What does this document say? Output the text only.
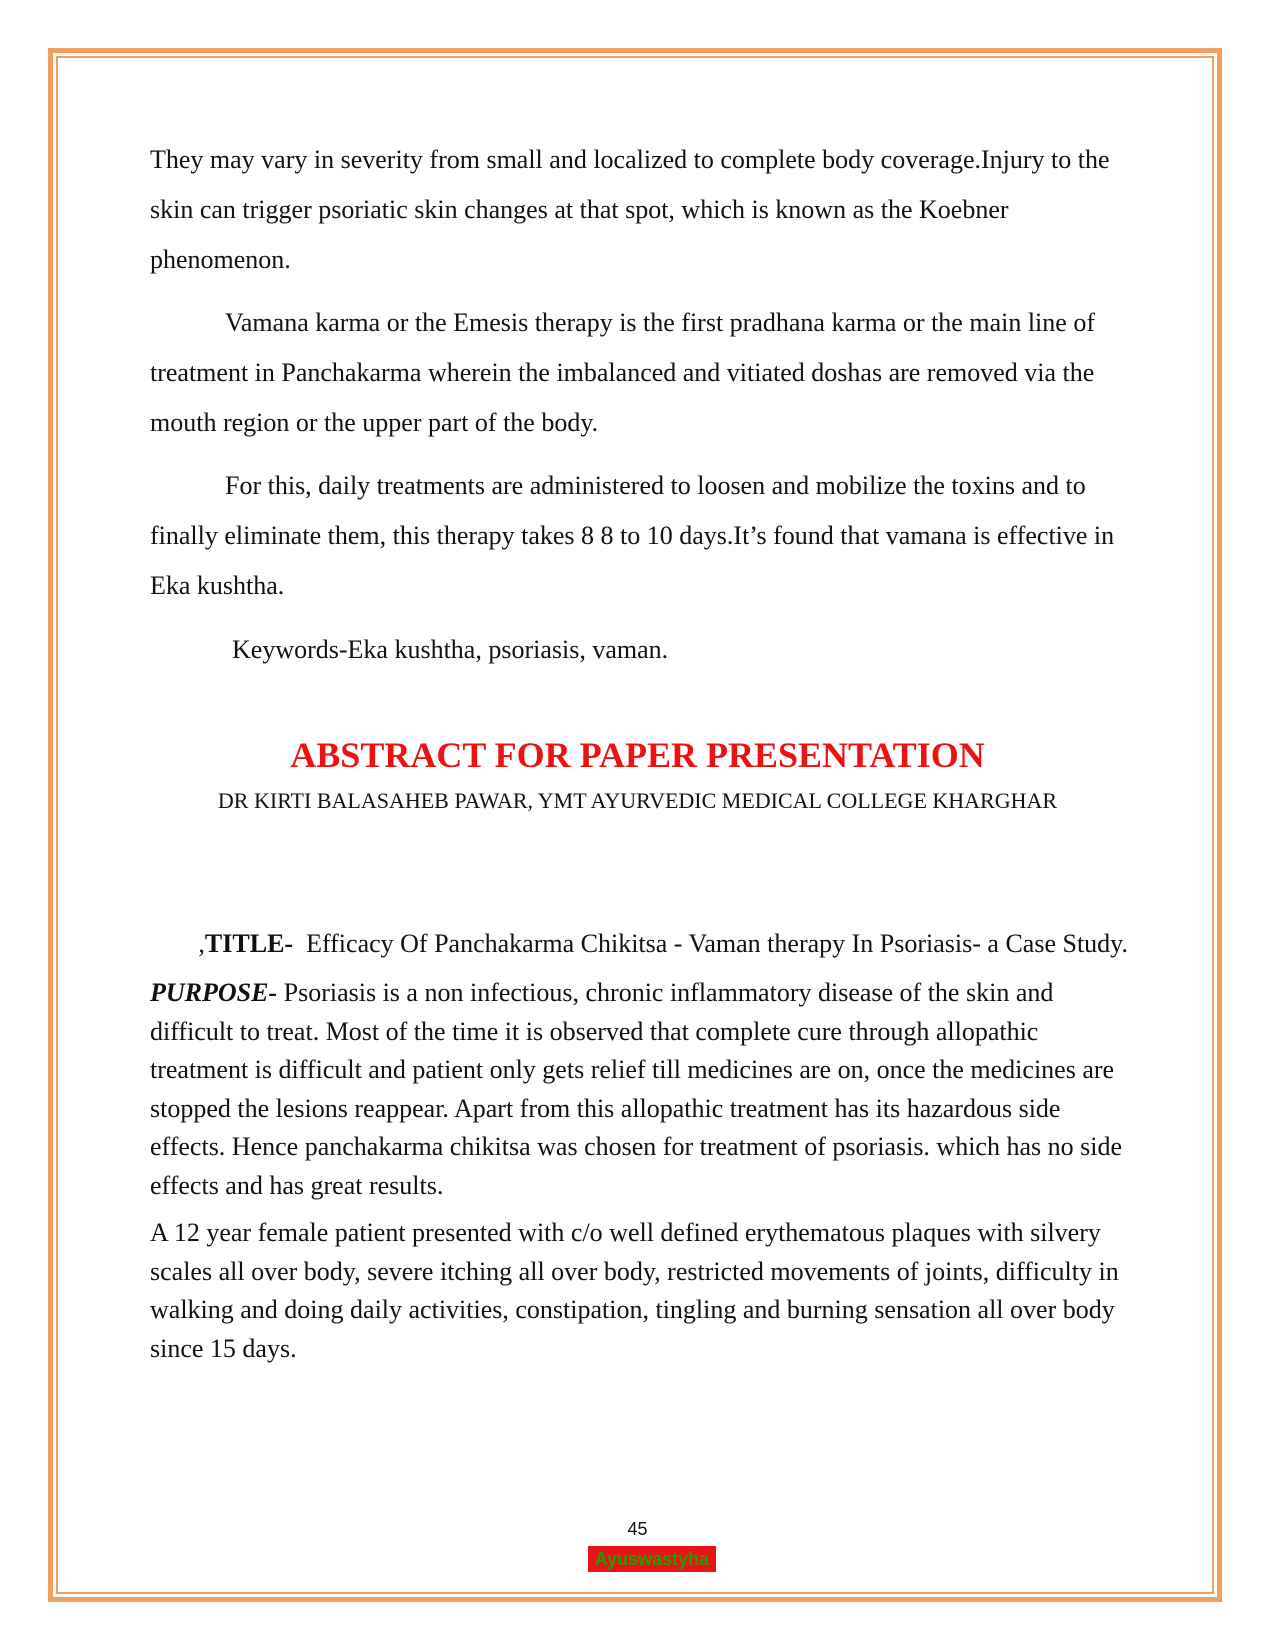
They may vary in severity from small and localized to complete body coverage.Injury to the skin can trigger psoriatic skin changes at that spot, which is known as the Koebner phenomenon.

Vamana karma or the Emesis therapy is the first pradhana karma or the main line of treatment in Panchakarma wherein the imbalanced and vitiated doshas are removed via the mouth region or the upper part of the body.

For this, daily treatments are administered to loosen and mobilize the toxins and to finally eliminate them, this therapy takes 8 8 to 10 days.It’s found that vamana is effective in Eka kushtha.

Keywords-Eka kushtha, psoriasis, vaman.

ABSTRACT FOR PAPER PRESENTATION
DR KIRTI BALASAHEB PAWAR, YMT AYURVEDIC MEDICAL COLLEGE KHARGHAR
,TITLE- Efficacy Of Panchakarma Chikitsa - Vaman therapy In Psoriasis- a Case Study.

PURPOSE- Psoriasis is a non infectious, chronic inflammatory disease of the skin and difficult to treat. Most of the time it is observed that complete cure through allopathic treatment is difficult and patient only gets relief till medicines are on, once the medicines are stopped the lesions reappear. Apart from this allopathic treatment has its hazardous side effects. Hence panchakarma chikitsa was chosen for treatment of psoriasis. which has no side effects and has great results.

A 12 year female patient presented with c/o well defined erythematous plaques with silvery scales all over body, severe itching all over body, restricted movements of joints, difficulty in walking and doing daily activities, constipation, tingling and burning sensation all over body since 15 days.

45
Ayuswastyha
